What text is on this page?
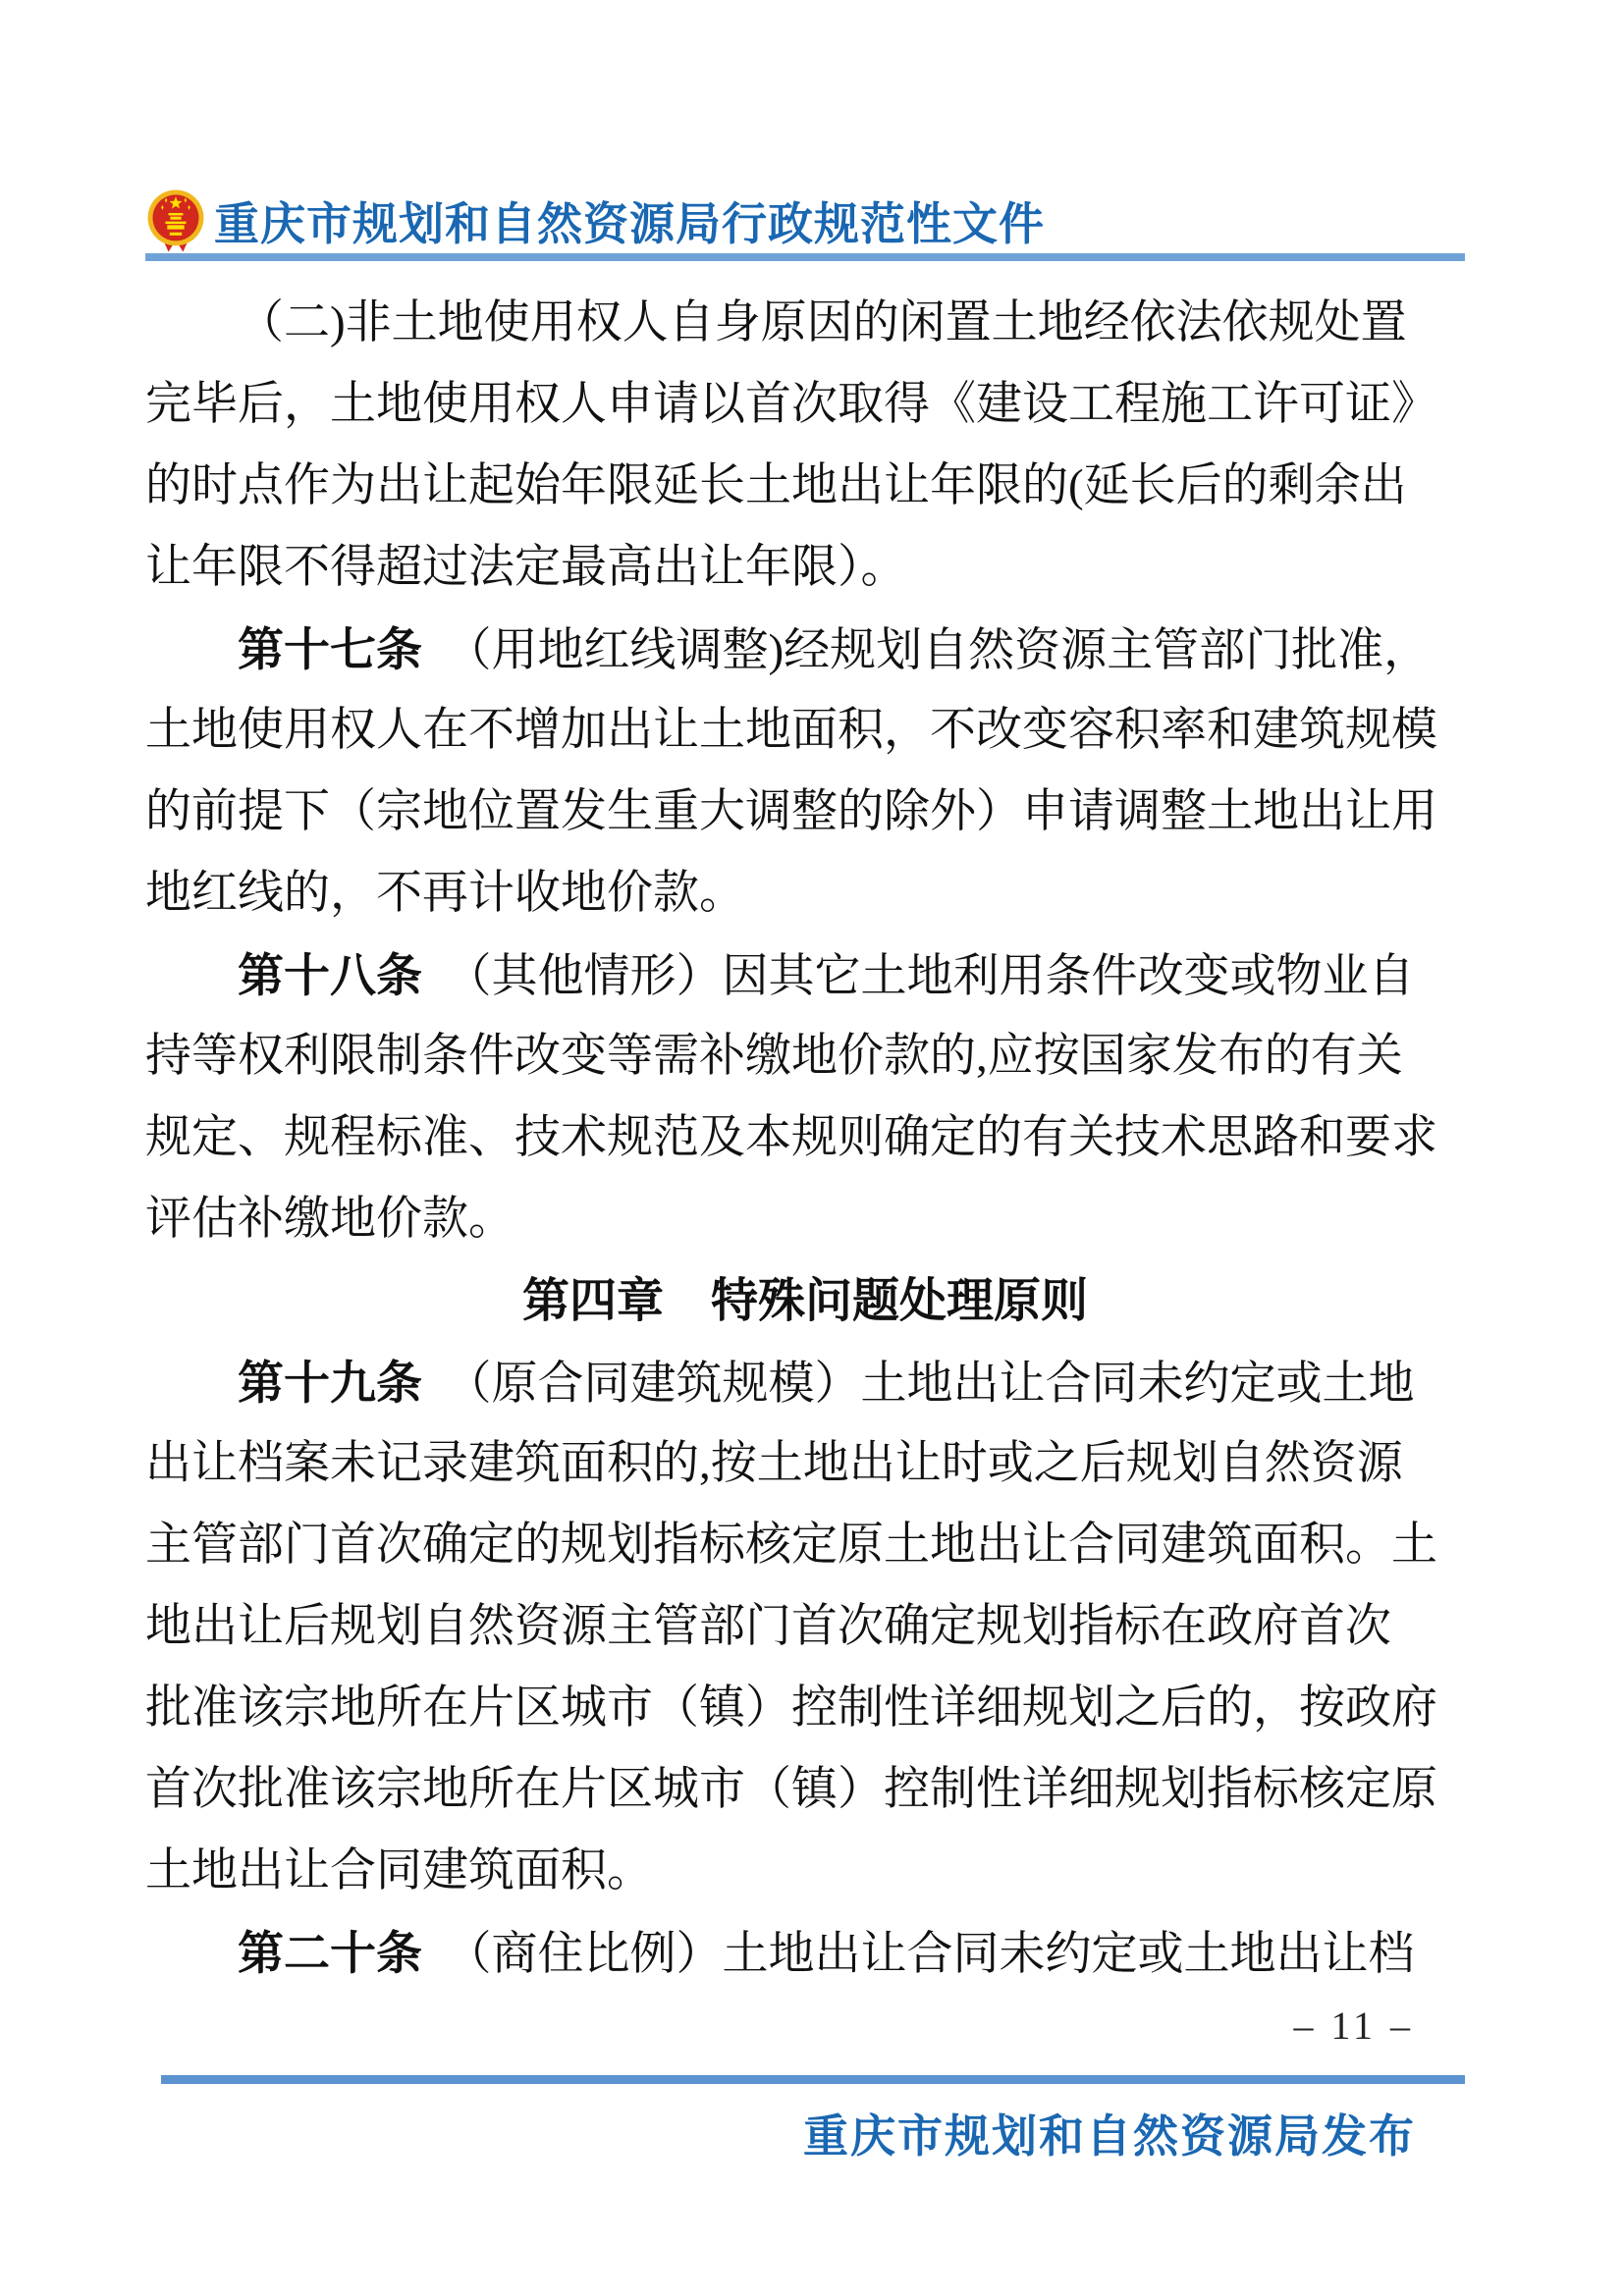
重庆市规划和自然资源局行政规范性文件
（二)非土地使用权人自身原因的闲置土地经依法依规处置
完毕后，土地使用权人申请以首次取得《建设工程施工许可证》
的时点作为出让起始年限延长土地出让年限的(延长后的剩余出
让年限不得超过法定最高出让年限）。
第十七条　（用地红线调整)经规划自然资源主管部门批准，
土地使用权人在不增加出让土地面积，不改变容积率和建筑规模
的前提下（宗地位置发生重大调整的除外）申请调整土地出让用
地红线的，不再计收地价款。
第十八条　（其他情形）因其它土地利用条件改变或物业自
持等权利限制条件改变等需补缴地价款的,应按国家发布的有关
规定、规程标准、技术规范及本规则确定的有关技术思路和要求
评估补缴地价款。
第四章　特殊问题处理原则
第十九条　（原合同建筑规模）土地出让合同未约定或土地
出让档案未记录建筑面积的,按土地出让时或之后规划自然资源
主管部门首次确定的规划指标核定原土地出让合同建筑面积。土
地出让后规划自然资源主管部门首次确定规划指标在政府首次
批准该宗地所在片区城市（镇）控制性详细规划之后的，按政府
首次批准该宗地所在片区城市（镇）控制性详细规划指标核定原
土地出让合同建筑面积。
第二十条　（商住比例）土地出让合同未约定或土地出让档
– 11 –
重庆市规划和自然资源局发布
